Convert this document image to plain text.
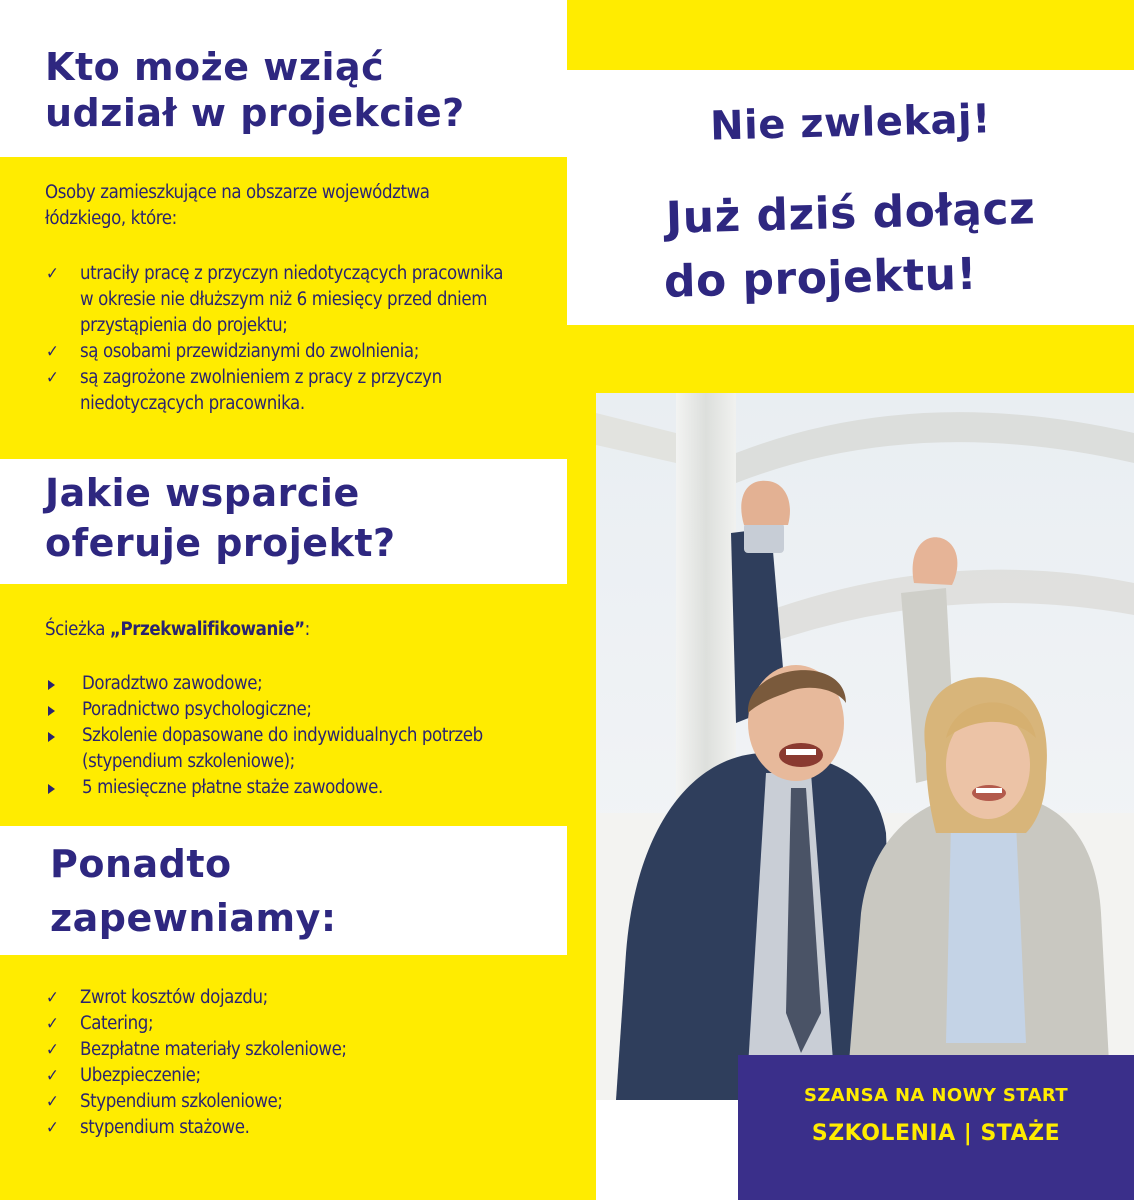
Kto może wziąć
udział w projekcie?
Osoby zamieszkujące na obszarze województwa
łódzkiego, które:
✓ utraciły pracę z przyczyn niedotyczących pracownika
w okresie nie dłuższym niż 6 miesięcy przed dniem
przystąpienia do projektu;
✓ są osobami przewidzianymi do zwolnienia;
✓ są zagrożone zwolnieniem z pracy z przyczyn
niedotyczących pracownika.
Jakie wsparcie
oferuje projekt?
Ścieżka „Przekwalifikowanie”:
Doradztwo zawodowe;
Poradnictwo psychologiczne;
Szkolenie dopasowane do indywidualnych potrzeb
(stypendium szkoleniowe);
5 miesięczne płatne staże zawodowe.
Ponadto
zapewniamy:
✓ Zwrot kosztów dojazdu;
✓ Catering;
✓ Bezpłatne materiały szkoleniowe;
✓ Ubezpieczenie;
✓ Stypendium szkoleniowe;
✓ stypendium stażowe.
Nie zwlekaj!
Już dziś dołącz
do projektu!
SZANSA NA NOWY START
SZKOLENIA | STAŻE
